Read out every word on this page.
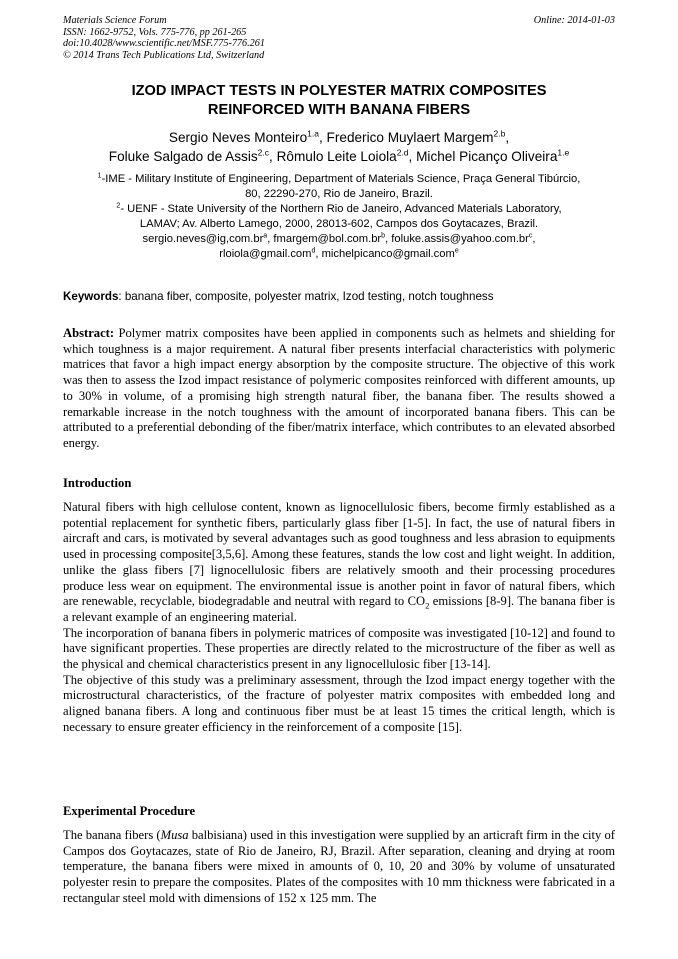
Materials Science Forum
ISSN: 1662-9752, Vols. 775-776, pp 261-265
doi:10.4028/www.scientific.net/MSF.775-776.261
© 2014 Trans Tech Publications Ltd, Switzerland
Online: 2014-01-03
IZOD IMPACT TESTS IN POLYESTER MATRIX COMPOSITES
REINFORCED WITH BANANA FIBERS
Sergio Neves Monteiro$^{1.a}$, Frederico Muylaert Margem$^{2.b}$,
Foluke Salgado de Assis$^{2.c}$, Rômulo Leite Loiola$^{2.d}$, Michel Picanço Oliveira$^{1.e}$
$^1$-IME - Military Institute of Engineering, Department of Materials Science, Praça General Tibúrcio,
80, 22290-270, Rio de Janeiro, Brazil.
$^2$- UENF - State University of the Northern Rio de Janeiro, Advanced Materials Laboratory,
LAMAV; Av. Alberto Lamego, 2000, 28013-602, Campos dos Goytacazes, Brazil.
$sergio.neves@ig,com.br^a$, $fmargem@bol.com.br^b$, $foluke.assis@yahoo.com.br^c$,
rloiola@gmail.com$^d$, michelpicanco@gmail.com$^e$
Keywords: banana fiber, composite, polyester matrix, Izod testing, notch toughness

Abstract: Polymer matrix composites have been applied in components such as helmets and shielding for which toughness is a major requirement. A natural fiber presents interfacial characteristics with polymeric matrices that favor a high impact energy absorption by the composite structure. The objective of this work was then to assess the Izod impact resistance of polymeric composites reinforced with different amounts, up to 30% in volume, of a promising high strength natural fiber, the banana fiber. The results showed a remarkable increase in the notch toughness with the amount of incorporated banana fibers. This can be attributed to a preferential debonding of the fiber/matrix interface, which contributes to an elevated absorbed energy.

Introduction

Natural fibers with high cellulose content, known as lignocellulosic fibers, become firmly established as a potential replacement for synthetic fibers, particularly glass fiber [1-5]. In fact, the use of natural fibers in aircraft and cars, is motivated by several advantages such as good toughness and less abrasion to equipments used in processing composite[3,5,6]. Among these features, stands the low cost and light weight. In addition, unlike the glass fibers [7] lignocellulosic fibers are relatively smooth and their processing procedures produce less wear on equipment. The environmental issue is another point in favor of natural fibers, which are renewable, recyclable, biodegradable and neutral with regard to $CO_2$ emissions [8-9]. The banana fiber is a relevant example of an engineering material.

The incorporation of banana fibers in polymeric matrices of composite was investigated [10-12] and found to have significant properties. These properties are directly related to the microstructure of the fiber as well as the physical and chemical characteristics present in any lignocellulosic fiber [13-14].

The objective of this study was a preliminary assessment, through the Izod impact energy together with the microstructural characteristics, of the fracture of polyester matrix composites with embedded long and aligned banana fibers. A long and continuous fiber must be at least 15 times the critical length, which is necessary to ensure greater efficiency in the reinforcement of a composite [15].

Experimental Procedure

The banana fibers (Musa balbisiana) used in this investigation were supplied by an articraft firm in the city of Campos dos Goytacazes, state of Rio de Janeiro, RJ, Brazil. After separation, cleaning and drying at room temperature, the banana fibers were mixed in amounts of 0, 10, 20 and 30% by volume of unsaturated polyester resin to prepare the composites. Plates of the composites with 10 mm thickness were fabricated in a rectangular steel mold with dimensions of 152 x 125 mm. The
